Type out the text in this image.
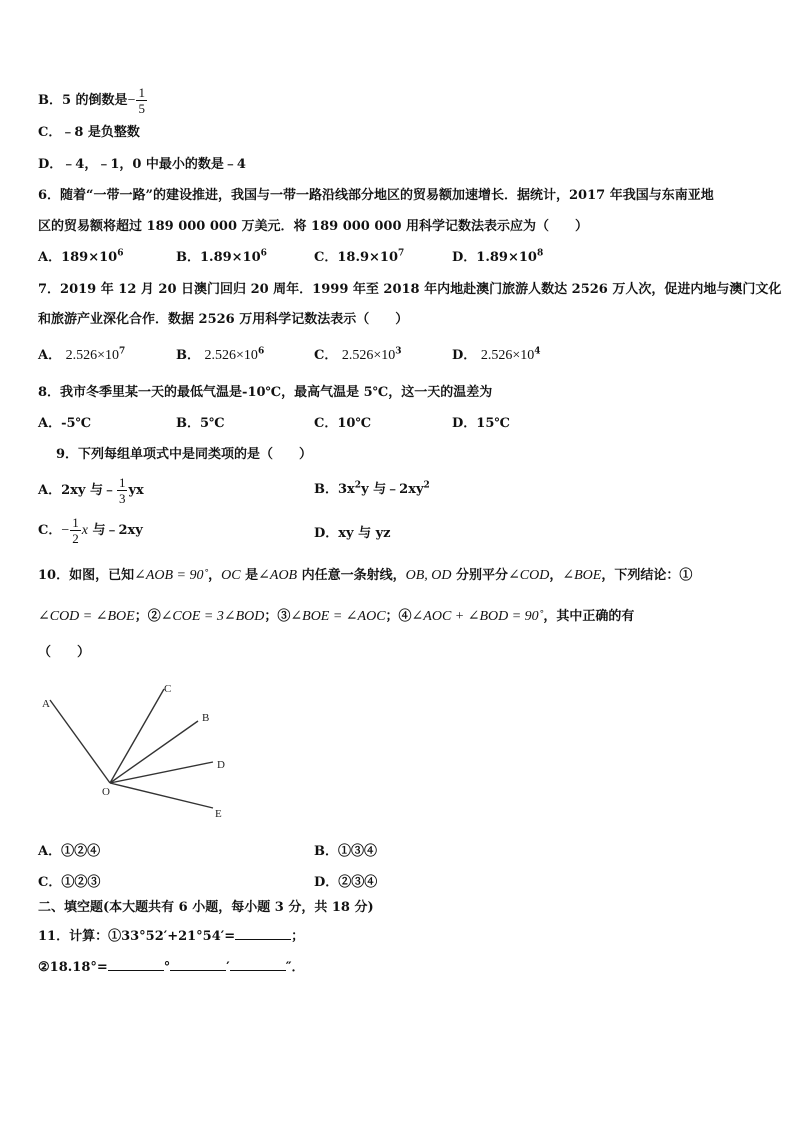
B．5 的倒数是− $\frac{1}{5}$
C．﹣8 是负整数
D．﹣4，﹣1，0 中最小的数是﹣4
6．随着“一带一路”的建设推进，我国与一带一路沿线部分地区的贸易额加速增长．据统计，2017 年我国与东南亚地
区的贸易额将超过 189 000 000 万美元．将 189 000 000 用科学记数法表示应为（　　）
A．$189\times 10^6$	B．$1.89\times 10^6$	C．$18.9\times 10^7$	D．$1.89\times 10^8$
7．2019 年 12 月 20 日澳门回归 20 周年．1999 年至 2018 年内地赴澳门旅游人数达 2526 万人次，促进内地与澳门文化
和旅游产业深化合作．数据 2526 万用科学记数法表示（　　）
A． $2.526\times 10^7$	B． $2.526\times 10^6$	C． $2.526\times 10^3$	D． $2.526\times 10^4$
8．我市冬季里某一天的最低气温是-10℃，最高气温是 5℃，这一天的温差为
A．-5℃	B．5℃	C．10℃	D．15℃
9．下列每组单项式中是同类项的是（　　）
A．2xy 与﹣ $\frac{1}{3}$ yx	B．$3x^2y$ 与$﹣2xy^2$
C．− $\frac{1}{2}$ x 与﹣2xy	D．xy 与 yz
10．如图，已知∠AOB = 90˚，OC 是∠AOB 内任意一条射线，OB, OD 分别平分∠COD，∠BOE，下列结论：①
∠COD = ∠BOE；②∠COE = 3∠BOD；③∠BOE = ∠AOC；④∠AOC + ∠BOD = 90˚，其中正确的有
（　　）
A
C
B
D
E
O
A．①②④	B．①③④
C．①②③	D．②③④
二、填空题(本大题共有 6 小题，每小题 3 分，共 18 分)
11．计算：①33°52′+21°54′=	；
②18.18°=	°	′	″．
